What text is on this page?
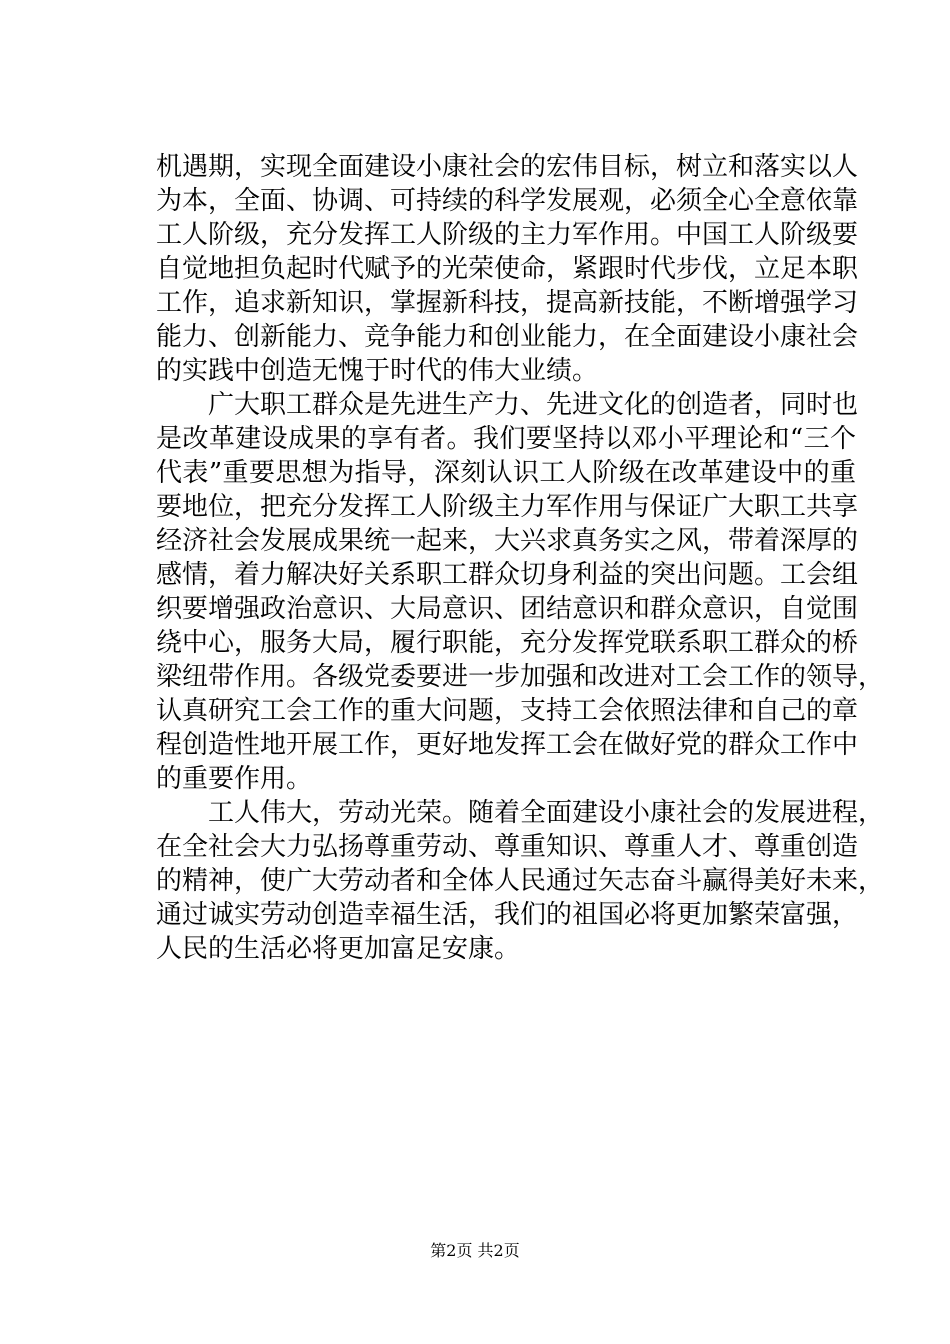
机遇期，实现全面建设小康社会的宏伟目标，树立和落实以人
为本，全面、协调、可持续的科学发展观，必须全心全意依靠
工人阶级，充分发挥工人阶级的主力军作用。中国工人阶级要
自觉地担负起时代赋予的光荣使命，紧跟时代步伐，立足本职
工作，追求新知识，掌握新科技，提高新技能，不断增强学习
能力、创新能力、竞争能力和创业能力，在全面建设小康社会
的实践中创造无愧于时代的伟大业绩。
广大职工群众是先进生产力、先进文化的创造者，同时也
是改革建设成果的享有者。我们要坚持以邓小平理论和“三个
代表”重要思想为指导，深刻认识工人阶级在改革建设中的重
要地位，把充分发挥工人阶级主力军作用与保证广大职工共享
经济社会发展成果统一起来，大兴求真务实之风，带着深厚的
感情，着力解决好关系职工群众切身利益的突出问题。工会组
织要增强政治意识、大局意识、团结意识和群众意识，自觉围
绕中心，服务大局，履行职能，充分发挥党联系职工群众的桥
梁纽带作用。各级党委要进一步加强和改进对工会工作的领导，
认真研究工会工作的重大问题，支持工会依照法律和自己的章
程创造性地开展工作，更好地发挥工会在做好党的群众工作中
的重要作用。
工人伟大，劳动光荣。随着全面建设小康社会的发展进程，
在全社会大力弘扬尊重劳动、尊重知识、尊重人才、尊重创造
的精神，使广大劳动者和全体人民通过矢志奋斗赢得美好未来，
通过诚实劳动创造幸福生活，我们的祖国必将更加繁荣富强，
人民的生活必将更加富足安康。
第2页 共2页
